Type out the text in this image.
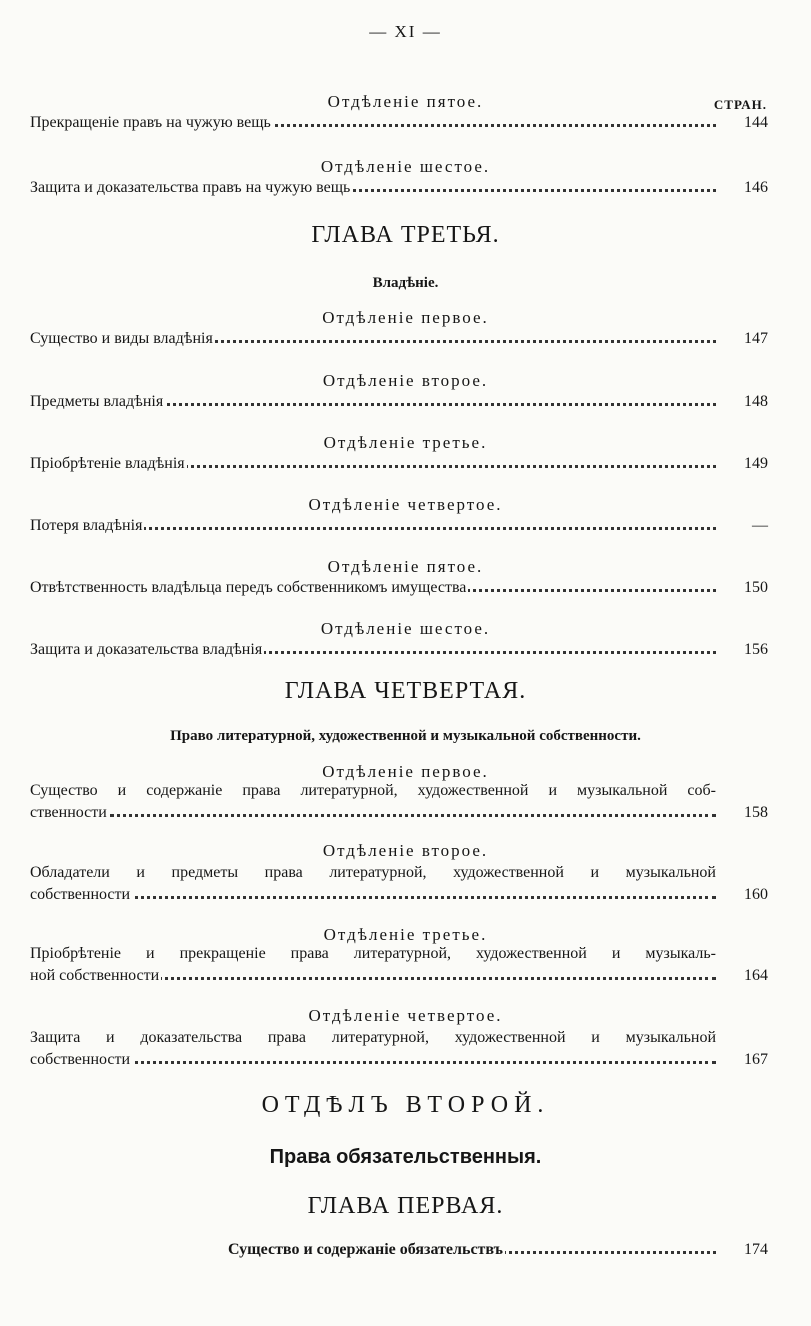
— XI —
СТРАН.
Отдѣленіе пятое.
Прекращеніе правъ на чужую вещь	144
Отдѣленіе шестое.
Защита и доказательства правъ на чужую вещь	146
ГЛАВА ТРЕТЬЯ.
Владѣніе.
Отдѣленіе первое.
Существо и виды владѣнія	147
Отдѣленіе второе.
Предметы владѣнія	148
Отдѣленіе третье.
Пріобрѣтеніе владѣнія	149
Отдѣленіе четвертое.
Потеря владѣнія	—
Отдѣленіе пятое.
Отвѣтственность владѣльца передъ собственникомъ имущества	150
Отдѣленіе шестое.
Защита и доказательства владѣнія	156
ГЛАВА ЧЕТВЕРТАЯ.
Право литературной, художественной и музыкальной собственности.
Отдѣленіе первое.
Существо и содержаніе права литературной, художественной и музыкальной соб-
ственности	158
Отдѣленіе второе.
Обладатели и предметы права литературной, художественной и музыкальной
собственности	160
Отдѣленіе третье.
Пріобрѣтеніе и прекращеніе права литературной, художественной и музыкаль-
ной собственности	164
Отдѣленіе четвертое.
Защита и доказательства права литературной, художественной и музыкальной
собственности	167
ОТДѢЛЪ ВТОРОЙ.
Права обязательственныя.
ГЛАВА ПЕРВАЯ.
Существо и содержаніе обязательствъ	174
